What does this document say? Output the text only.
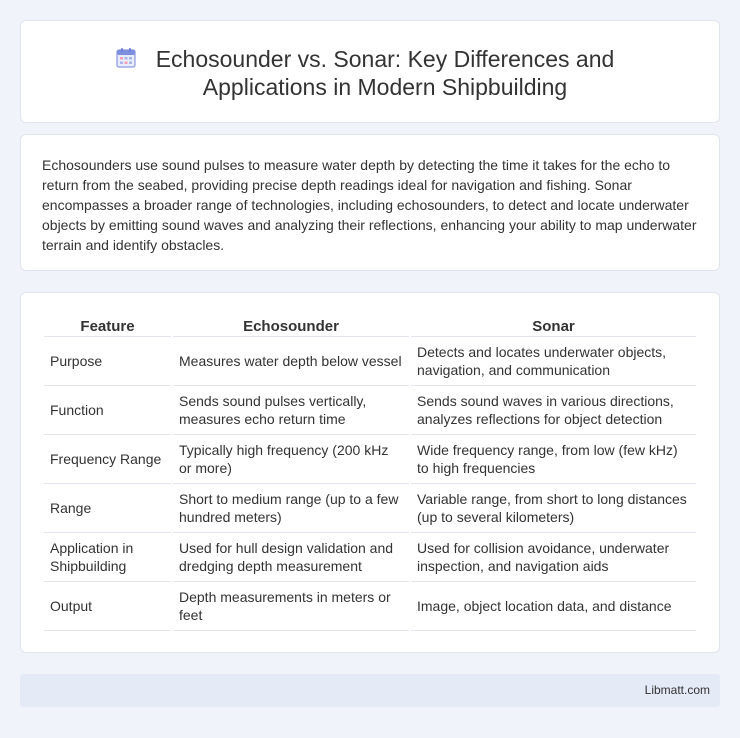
Echosounder vs. Sonar: Key Differences and Applications in Modern Shipbuilding

Echosounders use sound pulses to measure water depth by detecting the time it takes for the echo to return from the seabed, providing precise depth readings ideal for navigation and fishing. Sonar encompasses a broader range of technologies, including echosounders, to detect and locate underwater objects by emitting sound waves and analyzing their reflections, enhancing your ability to map underwater terrain and identify obstacles.

Feature	Echosounder	Sonar
Purpose	Measures water depth below vessel	Detects and locates underwater objects, navigation, and communication
Function	Sends sound pulses vertically, measures echo return time	Sends sound waves in various directions, analyzes reflections for object detection
Frequency Range	Typically high frequency (200 kHz or more)	Wide frequency range, from low (few kHz) to high frequencies
Range	Short to medium range (up to a few hundred meters)	Variable range, from short to long distances (up to several kilometers)
Application in Shipbuilding	Used for hull design validation and dredging depth measurement	Used for collision avoidance, underwater inspection, and navigation aids
Output	Depth measurements in meters or feet	Image, object location data, and distance
Libmatt.com
